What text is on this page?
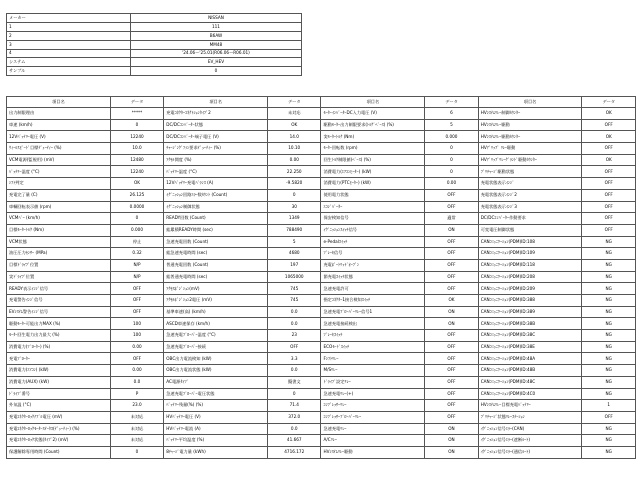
メーカー	NISSAN
1	111
2	B6AW
3	MM48
4	'24.06〜'25.01(R06.06〜R06.01)
システム	EV_HEV
サンプル	0
項目名	データ	項目名	データ	項目名	データ	項目名	データ
出力制限理由	*****	充電ｺﾈｸﾀｰｺﾈｸﾄｼｮﾝﾀｲﾌﾟ2	未対応	ﾓｰﾀｰｲﾝﾊﾞｰﾀｰDC入力電圧 (V)	6	HVｼｽﾃﾑﾘﾚｰ制御ｶｳﾝﾀｰ	OK
車速 (km/h)	0	DC/DCｺﾝﾊﾞｰﾀｰ状態	OK	駆動ﾓｰﾀｰ出力制限要求(ﾄﾙｸﾞﾍﾞｰｽ) (%)	5	HVｼｽﾃﾑﾘﾚｰ駆動	OFF
12Vﾊﾞｯﾃﾘｰ電圧 (V)	12240	DC/DCｺﾝﾊﾞｰﾀｰ端子電圧 (V)	14.0	実ﾓｰﾀｰﾄﾙｸ (Nm)	0.000	HVｼｽﾃﾑﾘﾚｰ駆動ｶｳﾝﾀｰ	OK
ｳｨｰﾙｽﾋﾟｰﾄﾞ目標ﾃﾞｭｰﾃｨｰ (%)	10.0	ﾁｬｰｼﾞﾝｸﾞﾌｧﾝ要求ﾃﾞｭｰﾃｨｰ (%)	10.10	ﾓｰﾀｰ回転数 (rpm)	0	HVｱﾞﾘｯﾌﾟ ﾘﾚｰ駆動	OFF
VCM電源(監視用) (mV)	12480	ｱｸｾﾙ開度 (%)	0.00	回生ﾄﾙｸ制限値(ﾍﾞｰｽ) (%)	0	HVｱﾞﾘｯﾌﾟﾘﾚｰｸﾞﾗﾝﾄﾞ駆動ｶｳﾝﾀｰ	OK
ﾊﾞｯﾃﾘｰ温度 (°C)	12240	ﾊﾞｯﾃﾘｰ温度 (°C)	22.250	消費電力(ｴｱｺﾝﾋｰﾀｰ) (kW)	0	ﾌﾟﾘﾁｬｰｼﾞ駆動状態	OFF
ｼﾌﾄ判定	OK	12Vﾊﾞｯﾃﾘｰ充電ﾊﾞﾗﾝｽ (A)	-9.5820	消費電力(PTCﾋｰﾀｰ) (kW)	0.00	充電状態表示ｲﾝｼﾞ	OFF
充電完了量 (C)	26.125	ｲｸﾞﾆｯｼｮﾝ回路ｴﾗｰ数ｶｳﾝﾄ (Count)	0	使用電力状態	OFF	充電状態表示ｲﾝｼﾞ2	OFF
車輌回転表示値 (rpm)	0.0000	ｲｸﾞﾆｯｼｮﾝ制御状態	30	ｴｺｼﾞﾊﾞｰﾀｰ	OFF	充電状態表示ｲﾝｼﾞ3	OFF
VCMﾊﾞｰ (km/h)	0	READY回数 (Count)	1349	保安検知信号	適常	DC/DCｺﾝﾊﾞｰﾀｰ作動要求	OFF
目標ﾓｰﾀｰﾄﾙｸ (Nm)	0.000	総累積READY時間 (sec)	788490	ｲｸﾞﾆｯｼｮﾝｽｲｯﾁ信号	ON	可変電圧制御状態	OFF
VCM状態	停止	急速充電回数 (Count)	5	e-Pedalｽｲｯﾁ	OFF	CANｺﾐｭﾆｹｰｼｮﾝ(PDM)ID:108	NG
油圧圧力ｾﾝｻｰ (MPa)	0.32	総急速充電時間 (sec)	4680	ﾌﾞﾚｰｷ信号	OFF	CANｺﾐｭﾆｹｰｼｮﾝ(PDM)ID:109	NG
目標ﾄﾞﾗｲﾌﾞ位置	N/P	普通充電回数 (Count)	197	充電ﾎﾟｰﾄﾘｯﾄﾞｵｰﾌﾟﾝ	OFF	CANｺﾐｭﾆｹｰｼｮﾝ(PDM)ID:118	NG
実ﾄﾞﾗｲﾌﾞ位置	N/P	総普通充電時間 (sec)	1065000	節充電ｽｲｯﾁ状態	OFF	CANｺﾐｭﾆｹｰｼｮﾝ(PDM)ID:208	NG
READY表示ｲﾝｼﾞ信号	OFF	ｱｸｾｽﾎﾟｼﾞｼｮﾝ(mV)	745	急速充電許可	OFF	CANｺﾐｭﾆｹｰｼｮﾝ(PDM)ID:209	NG
充電警告ｲﾝｼﾞ信号	OFF	ｱｸｾﾙﾎﾟｼﾞｼｮﾝ2電圧 (mV)	745	指定ｺﾈｸﾀｰ1接合検知ｽｲｯﾁ	OK	CANｺﾐｭﾆｹｰｼｮﾝ(PDM)ID:388	NG
EVｼｽﾃﾑ警告ｲﾝｼﾞ信号	OFF	基準車速(高) (km/h)	0.0	急速充電ﾌﾞﾛｰﾊﾟｰﾘﾚｰ信号1	ON	CANｺﾐｭﾆｹｰｼｮﾝ(PDM)ID:389	NG
駆動ﾓｰﾀｰ可能出力MAX (%)	100	ASCD車速保存 (km/h)	0.0	急速充電接続検出	ON	CANｺﾐｭﾆｹｰｼｮﾝ(PDM)ID:38B	NG
ﾓｰﾀｰ回生電力出力最大 (%)	100	急速充電ﾌﾞﾛｰﾊﾟｰ温度 (°C)	23	ﾌﾞﾚｰｷｽｲｯﾁ	OFF	CANｺﾐｭﾆｹｰｼｮﾝ(PDM)ID:38C	NG
消費電力(ﾌﾞﾛｰﾀｰ) (%)	0.00	急速充電ﾌﾞﾛｰﾊﾟｰ接続	OFF	ECOﾓｰﾄﾞｽｲｯﾁ	OFF	CANｺﾐｭﾆｹｰｼｮﾝ(PDM)ID:38E	NG
充電ﾌﾞﾛｰﾀｰ	OFF	OBC出力電流検知 (kW)	3.3	Fｼﾌﾄﾘﾚｰ	OFF	CANｺﾐｭﾆｹｰｼｮﾝ(PDM)ID:48A	NG
消費電力(ｴｱｺﾝ) (kW)	0.00	OBC出力電流状態 (kW)	0.0	M/Sﾘﾚｰ	OFF	CANｺﾐｭﾆｹｰｼｮﾝ(PDM)ID:48B	NG
消費電力(AUX) (kW)	0.0	AC電源ﾀｲﾌﾟ	擬書文	ﾄﾞﾗｲﾌﾞ設定ﾘﾚｰ	OFF	CANｺﾐｭﾆｹｰｼｮﾝ(PDM)ID:48C	NG
ﾄﾞﾗｲﾌﾞ番号	P	急速充電ﾌﾞﾛｰﾊﾟｰ電圧状態	0	急速充電ﾘﾚｰ(+)	OFF	CANｺﾐｭﾆｹｰｼｮﾝ(PDM)ID:4C0	NG
外気温 (°C)	23.0	ﾊﾞｯﾃﾘｰ残量(%) (%)	71.4	ｺﾝﾌﾟﾚｯｻｰﾘﾚｰ	OFF	HVｼｽﾃﾑﾘﾚｰ目標充電ﾊﾞｯﾃﾘｰ	1
充電ｺﾈｸﾀｰﾛｯｸﾅﾌﾞﾙ電圧 (mV)	未対応	HVﾊﾞｯﾃﾘｰ電圧 (V)	372.0	ｺﾝﾌﾟﾚｯｻｰﾌﾞﾛｰﾊﾟｰﾘﾚｰ	OFF	ﾌﾟﾘﾁｬｰｼﾞ状態ﾘﾚｰｽﾃｰｼｮﾝ	OFF
充電ｺﾈｸﾀｰﾛｯｸﾓｰﾀｰｽﾃｰﾀｽ(ﾃﾞｭｰﾃｨｰ) (%)	未対応	HVﾊﾞｯﾃﾘｰ電流 (A)	0.0	急速充電ﾘﾚｰ	ON	ｲｸﾞﾆｯｼｮﾝ信号ｴﾗｰ(CAN)	NG
充電ｺﾈｸﾀｰﾛｯｸ状態(ﾀｲﾌﾟ2) (mV)	未対応	ﾊﾞｯﾃﾘｰ平均温度 (%)	41.667	A/Cﾘﾚｰ	ON	ｲｸﾞﾆｯｼｮﾝ信号ｴﾗｰ(遮断ﾙｰﾄ)	NG
保護解除専用時間 (Count)	0	8ﾁｬｰｼﾞ電力量 (kWh)	4716.172	HVｼｽﾃﾑﾘﾚｰ駆動	ON	ｲｸﾞﾆｯｼｮﾝ信号ｴﾗｰ(通信ﾙｰﾄ)	NG
